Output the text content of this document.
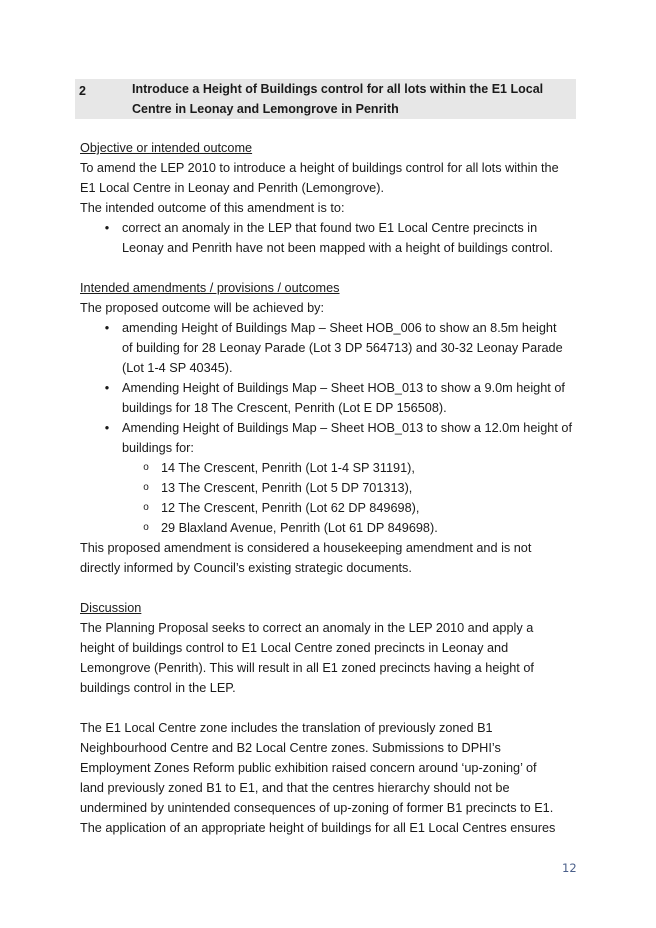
2	Introduce a Height of Buildings control for all lots within the E1 Local
Centre in Leonay and Lemongrove in Penrith

Objective or intended outcome

To amend the LEP 2010 to introduce a height of buildings control for all lots within the

E1 Local Centre in Leonay and Penrith (Lemongrove).

The intended outcome of this amendment is to:

• correct an anomaly in the LEP that found two E1 Local Centre precincts in
Leonay and Penrith have not been mapped with a height of buildings control.

Intended amendments / provisions / outcomes

The proposed outcome will be achieved by:

• amending Height of Buildings Map – Sheet HOB_006 to show an 8.5m height
of building for 28 Leonay Parade (Lot 3 DP 564713) and 30-32 Leonay Parade
(Lot 1-4 SP 40345).
• Amending Height of Buildings Map – Sheet HOB_013 to show a 9.0m height of
buildings for 18 The Crescent, Penrith (Lot E DP 156508).
• Amending Height of Buildings Map – Sheet HOB_013 to show a 12.0m height of
buildings for:
o 14 The Crescent, Penrith (Lot 1-4 SP 31191),
o 13 The Crescent, Penrith (Lot 5 DP 701313),
o 12 The Crescent, Penrith (Lot 62 DP 849698),
o 29 Blaxland Avenue, Penrith (Lot 61 DP 849698).

This proposed amendment is considered a housekeeping amendment and is not

directly informed by Council’s existing strategic documents.

Discussion

The Planning Proposal seeks to correct an anomaly in the LEP 2010 and apply a

height of buildings control to E1 Local Centre zoned precincts in Leonay and

Lemongrove (Penrith). This will result in all E1 zoned precincts having a height of

buildings control in the LEP.

The E1 Local Centre zone includes the translation of previously zoned B1

Neighbourhood Centre and B2 Local Centre zones. Submissions to DPHI’s

Employment Zones Reform public exhibition raised concern around ‘up-zoning’ of

land previously zoned B1 to E1, and that the centres hierarchy should not be

undermined by unintended consequences of up-zoning of former B1 precincts to E1.

The application of an appropriate height of buildings for all E1 Local Centres ensures

12
